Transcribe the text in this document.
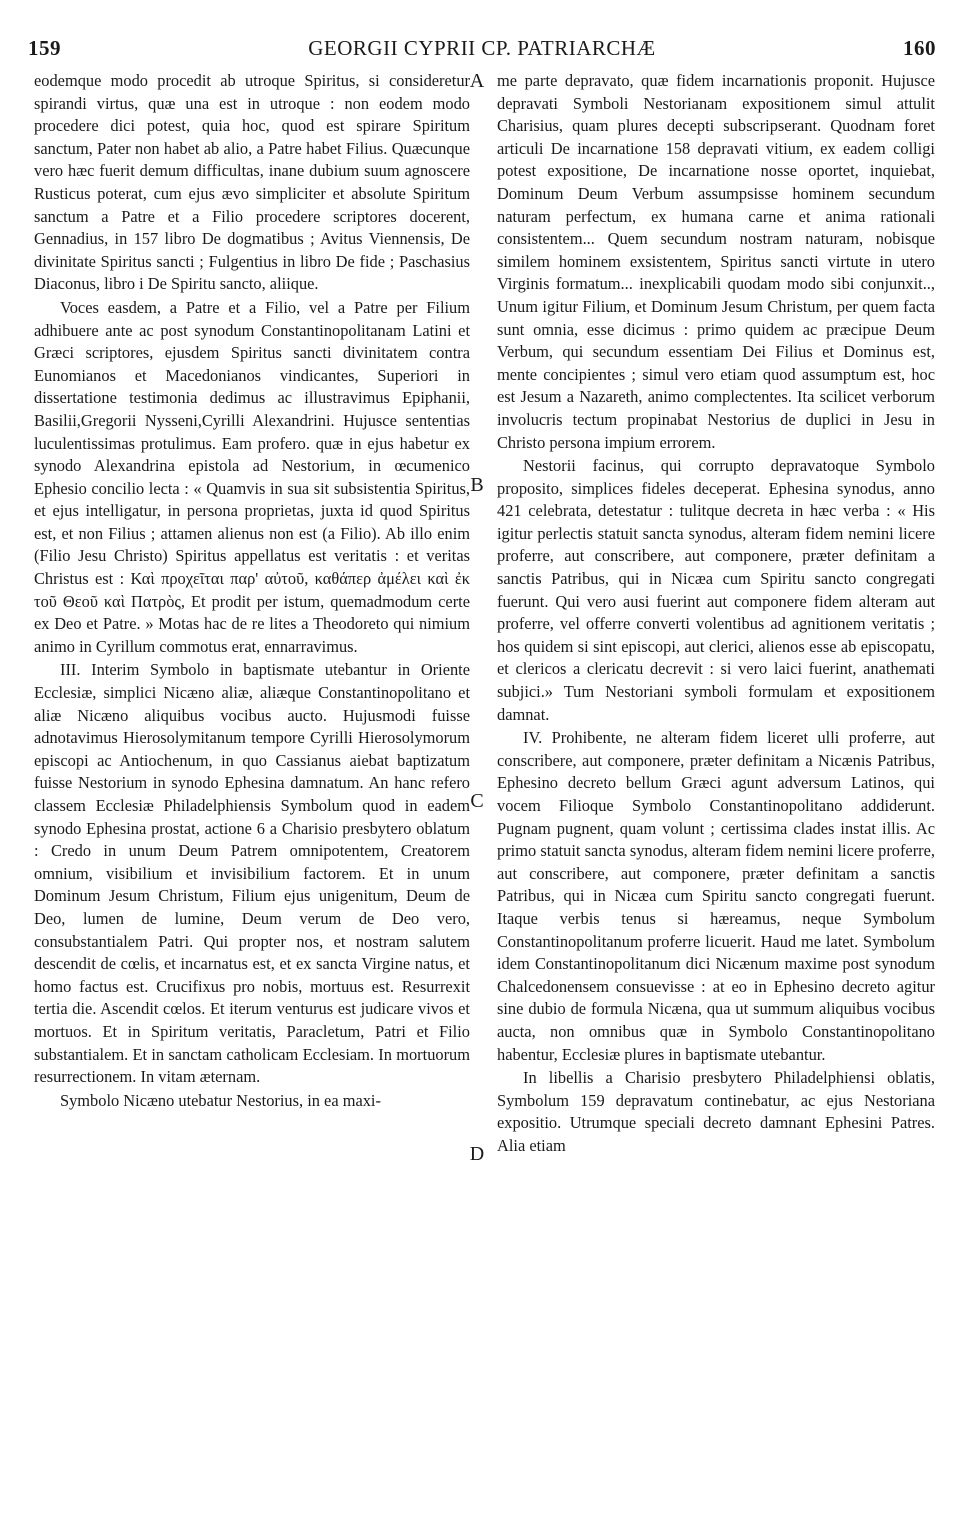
159	GEORGII CYPRII CP. PATRIARCHÆ	160

eodemque modo procedit ab utroque Spiritus, si consideretur spirandi virtus, quæ una est in utroque : non eodem modo procedere dici potest, quia hoc, quod est spirare Spiritum sanctum, Pater non habet ab alio, a Patre habet Filius. Quæcunque vero hæc fuerit demum difficultas, inane dubium suum agnoscere Rusticus poterat, cum ejus ævo simpliciter et absolute Spiritum sanctum a Patre et a Filio procedere scriptores docerent, Gennadius, in 157 libro De dogmatibus ; Avitus Viennensis, De divinitate Spiritus sancti ; Fulgentius in libro De fide ; Paschasius Diaconus, libro i De Spiritu sancto, aliique.

Voces easdem, a Patre et a Filio, vel a Patre per Filium adhibuere ante ac post synodum Constantinopolitanam Latini et Græci scriptores, ejusdem Spiritus sancti divinitatem contra Eunomianos et Macedonianos vindicantes, Superiori in dissertatione testimonia dedimus ac illustravimus Epiphanii, Basilii,Gregorii Nysseni,Cyrilli Alexandrini. Hujusce sententias luculentissimas protulimus. Eam profero. quæ in ejus habetur ex synodo Alexandrina epistola ad Nestorium, in œcumenico Ephesio concilio lecta : « Quamvis in sua sit subsistentia Spiritus, et ejus intelligatur, in persona proprietas, juxta id quod Spiritus est, et non Filius ; attamen alienus non est (a Filio). Ab illo enim (Filio Jesu Christo) Spiritus appellatus est veritatis : et veritas Christus est : Καὶ προχεῖται παρ' αὐτοῦ, καθάπερ ἀμέλει καὶ ἐκ τοῦ Θεοῦ καὶ Πατρὸς, Et prodit per istum, quemadmodum certe ex Deo et Patre. » Motas hac de re lites a Theodoreto qui nimium animo in Cyrillum commotus erat, ennarravimus.

III. Interim Symbolo in baptismate utebantur in Oriente Ecclesiæ, simplici Nicæno aliæ, aliæque Constantinopolitano et aliæ Nicæno aliquibus vocibus aucto. Hujusmodi fuisse adnotavimus Hierosolymitanum tempore Cyrilli Hierosolymorum episcopi ac Antiochenum, in quo Cassianus aiebat baptizatum fuisse Nestorium in synodo Ephesina damnatum. An hanc refero classem Ecclesiæ Philadelphiensis Symbolum quod in eadem synodo Ephesina prostat, actione 6 a Charisio presbytero oblatum : Credo in unum Deum Patrem omnipotentem, Creatorem omnium, visibilium et invisibilium factorem. Et in unum Dominum Jesum Christum, Filium ejus unigenitum, Deum de Deo, lumen de lumine, Deum verum de Deo vero, consubstantialem Patri. Qui propter nos, et nostram salutem descendit de cœlis, et incarnatus est, et ex sancta Virgine natus, et homo factus est. Crucifixus pro nobis, mortuus est. Resurrexit tertia die. Ascendit cœlos. Et iterum venturus est judicare vivos et mortuos. Et in Spiritum veritatis, Paracletum, Patri et Filio substantialem. Et in sanctam catholicam Ecclesiam. In mortuorum resurrectionem. In vitam æternam.

Symbolo Nicæno utebatur Nestorius, in ea maxi-

A
B
C
D

me parte depravato, quæ fidem incarnationis proponit. Hujusce depravati Symboli Nestorianam expositionem simul attulit Charisius, quam plures decepti subscripserant. Quodnam foret articuli De incarnatione 158 depravati vitium, ex eadem colligi potest expositione, De incarnatione nosse oportet, inquiebat, Dominum Deum Verbum assumpsisse hominem secundum naturam perfectum, ex humana carne et anima rationali consistentem... Quem secundum nostram naturam, nobisque similem hominem exsistentem, Spiritus sancti virtute in utero Virginis formatum... inexplicabili quodam modo sibi conjunxit.., Unum igitur Filium, et Dominum Jesum Christum, per quem facta sunt omnia, esse dicimus : primo quidem ac præcipue Deum Verbum, qui secundum essentiam Dei Filius et Dominus est, mente concipientes ; simul vero etiam quod assumptum est, hoc est Jesum a Nazareth, animo complectentes. Ita scilicet verborum involucris tectum propinabat Nestorius de duplici in Jesu in Christo persona impium errorem.

Nestorii facinus, qui corrupto depravatoque Symbolo proposito, simplices fideles deceperat. Ephesina synodus, anno 421 celebrata, detestatur : tulitque decreta in hæc verba : « His igitur perlectis statuit sancta synodus, alteram fidem nemini licere proferre, aut conscribere, aut componere, præter definitam a sanctis Patribus, qui in Nicæa cum Spiritu sancto congregati fuerunt. Qui vero ausi fuerint aut componere fidem alteram aut proferre, vel offerre converti volentibus ad agnitionem veritatis ; hos quidem si sint episcopi, aut clerici, alienos esse ab episcopatu, et clericos a clericatu decrevit : si vero laici fuerint, anathemati subjici.» Tum Nestoriani symboli formulam et expositionem damnat.

IV. Prohibente, ne alteram fidem liceret ulli proferre, aut conscribere, aut componere, præter definitam a Nicænis Patribus, Ephesino decreto bellum Græci agunt adversum Latinos, qui vocem Filioque Symbolo Constantinopolitano addiderunt. Pugnam pugnent, quam volunt ; certissima clades instat illis. Ac primo statuit sancta synodus, alteram fidem nemini licere proferre, aut conscribere, aut componere, præter definitam a sanctis Patribus, qui in Nicæa cum Spiritu sancto congregati fuerunt. Itaque verbis tenus si hæreamus, neque Symbolum Constantinopolitanum proferre licuerit. Haud me latet. Symbolum idem Constantinopolitanum dici Nicænum maxime post synodum Chalcedonensem consuevisse : at eo in Ephesino decreto agitur sine dubio de formula Nicæna, qua ut summum aliquibus vocibus aucta, non omnibus quæ in Symbolo Constantinopolitano habentur, Ecclesiæ plures in baptismate utebantur.

In libellis a Charisio presbytero Philadelphiensi oblatis, Symbolum 159 depravatum continebatur, ac ejus Nestoriana expositio. Utrumque speciali decreto damnant Ephesini Patres. Alia etiam
